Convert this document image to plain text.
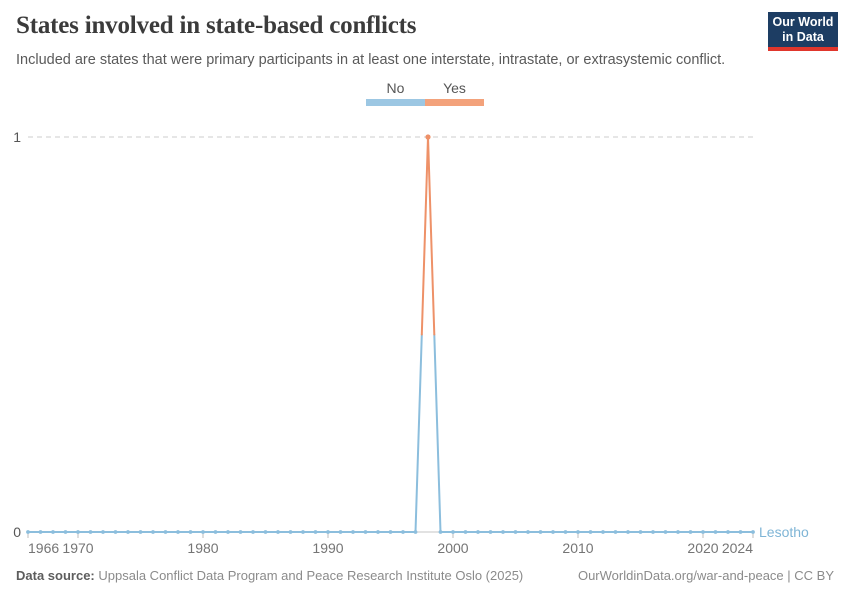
States involved in state-based conflicts

Included are states that were primary participants in at least one interstate, intrastate, or extrasystemic conflict.

Our World
in Data
No	Yes
0
1
1966 1970	1980	1990	2000	2010	2020 2024
Lesotho
Data source: Uppsala Conflict Data Program and Peace Research Institute Oslo (2025)	OurWorldinData.org/war-and-peace | CC BY
